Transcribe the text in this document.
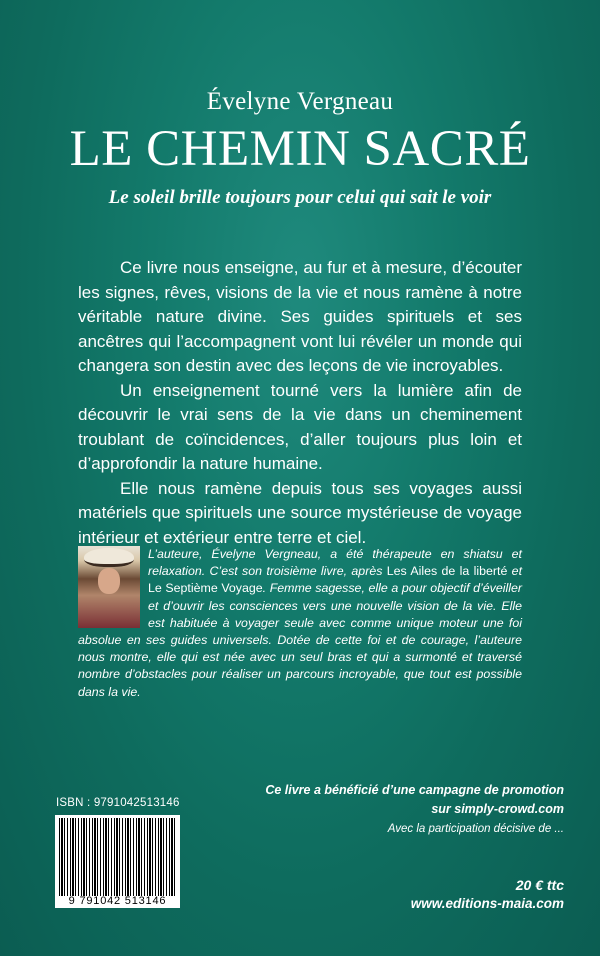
Évelyne Vergneau
LE CHEMIN SACRÉ
Le soleil brille toujours pour celui qui sait le voir

Ce livre nous enseigne, au fur et à mesure, d’écouter les signes, rêves, visions de la vie et nous ramène à notre véritable nature divine. Ses guides spirituels et ses ancêtres qui l’accompagnent vont lui révéler un monde qui changera son destin avec des leçons de vie incroyables.

Un enseignement tourné vers la lumière afin de découvrir le vrai sens de la vie dans un cheminement troublant de coïncidences, d’aller toujours plus loin et d’approfondir la nature humaine.

Elle nous ramène depuis tous ses voyages aussi matériels que spirituels une source mystérieuse de voyage intérieur et extérieur entre terre et ciel.

L’auteure, Évelyne Vergneau, a été thérapeute en shiatsu et relaxation. C’est son troisième livre, après Les Ailes de la liberté et Le Septième Voyage. Femme sagesse, elle a pour objectif d’éveiller et d’ouvrir les consciences vers une nouvelle vision de la vie. Elle est habituée à voyager seule avec comme unique moteur une foi absolue en ses guides universels. Dotée de cette foi et de courage, l’auteure nous montre, elle qui est née avec un seul bras et qui a surmonté et traversé nombre d’obstacles pour réaliser un parcours incroyable, que tout est possible dans la vie.
ISBN : 9791042513146
9 791042 513146
Ce livre a bénéficié d’une campagne de promotion
sur simply-crowd.com
Avec la participation décisive de ...
20 € ttc
www.editions-maia.com
